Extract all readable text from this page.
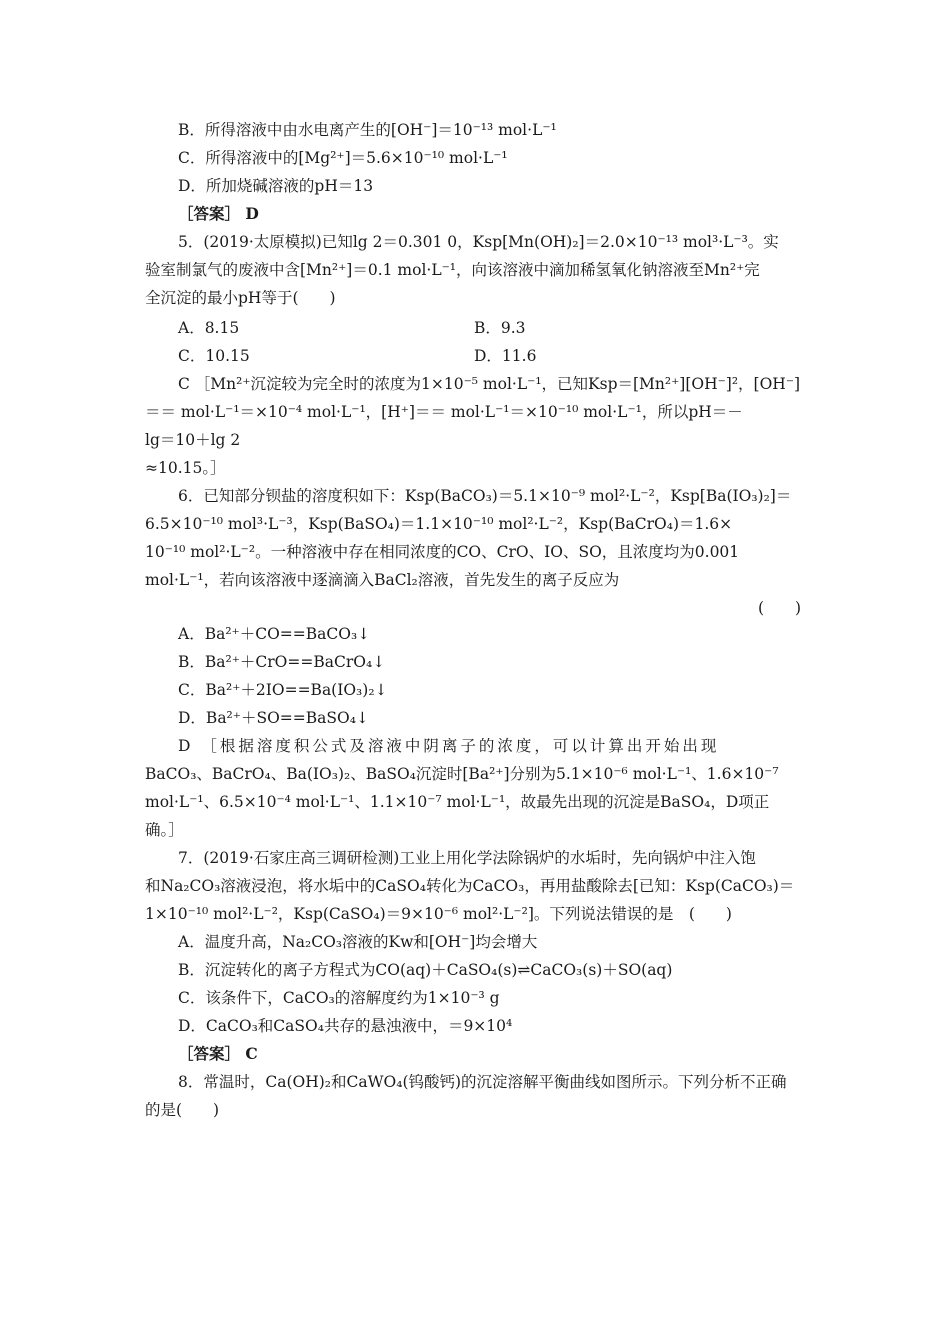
B．所得溶液中由水电离产生的[OH⁻]＝10⁻¹³ mol·L⁻¹
C．所得溶液中的[Mg²⁺]＝5.6×10⁻¹⁰ mol·L⁻¹
D．所加烧碱溶液的pH＝13
［答案］ D
5．(2019·太原模拟)已知lg 2＝0.301 0，Ksp[Mn(OH)₂]＝2.0×10⁻¹³ mol³·L⁻³。实
验室制氯气的废液中含[Mn²⁺]＝0.1 mol·L⁻¹，向该溶液中滴加稀氢氧化钠溶液至Mn²⁺完
全沉淀的最小pH等于(　　)
A．8.15	B．9.3
C．10.15	D．11.6
C ［Mn²⁺沉淀较为完全时的浓度为1×10⁻⁵ mol·L⁻¹，已知Ksp＝[Mn²⁺][OH⁻]²，[OH⁻]
＝＝ mol·L⁻¹＝×10⁻⁴ mol·L⁻¹，[H⁺]＝＝ mol·L⁻¹＝×10⁻¹⁰ mol·L⁻¹，所以pH＝－
lg＝10＋lg 2
≈10.15。］
6．已知部分钡盐的溶度积如下：Ksp(BaCO₃)＝5.1×10⁻⁹ mol²·L⁻²，Ksp[Ba(IO₃)₂]＝
6.5×10⁻¹⁰ mol³·L⁻³，Ksp(BaSO₄)＝1.1×10⁻¹⁰ mol²·L⁻²，Ksp(BaCrO₄)＝1.6×
10⁻¹⁰ mol²·L⁻²。一种溶液中存在相同浓度的CO、CrO、IO、SO，且浓度均为0.001
mol·L⁻¹，若向该溶液中逐滴滴入BaCl₂溶液，首先发生的离子反应为
(　　)
A．Ba²⁺＋CO==BaCO₃↓
B．Ba²⁺＋CrO==BaCrO₄↓
C．Ba²⁺＋2IO==Ba(IO₃)₂↓
D．Ba²⁺＋SO==BaSO₄↓
D ［根据溶度积公式及溶液中阴离子的浓度，可以计算出开始出现
BaCO₃、BaCrO₄、Ba(IO₃)₂、BaSO₄沉淀时[Ba²⁺]分别为5.1×10⁻⁶ mol·L⁻¹、1.6×10⁻⁷
mol·L⁻¹、6.5×10⁻⁴ mol·L⁻¹、1.1×10⁻⁷ mol·L⁻¹，故最先出现的沉淀是BaSO₄，D项正
确。］
7．(2019·石家庄高三调研检测)工业上用化学法除锅炉的水垢时，先向锅炉中注入饱
和Na₂CO₃溶液浸泡，将水垢中的CaSO₄转化为CaCO₃，再用盐酸除去[已知：Ksp(CaCO₃)＝
1×10⁻¹⁰ mol²·L⁻²，Ksp(CaSO₄)＝9×10⁻⁶ mol²·L⁻²]。下列说法错误的是　(　　)
A．温度升高，Na₂CO₃溶液的Kw和[OH⁻]均会增大
B．沉淀转化的离子方程式为CO(aq)＋CaSO₄(s)⇌CaCO₃(s)＋SO(aq)
C．该条件下，CaCO₃的溶解度约为1×10⁻³ g
D．CaCO₃和CaSO₄共存的悬浊液中，＝9×10⁴
［答案］ C
8．常温时，Ca(OH)₂和CaWO₄(钨酸钙)的沉淀溶解平衡曲线如图所示。下列分析不正确
的是(　　)
